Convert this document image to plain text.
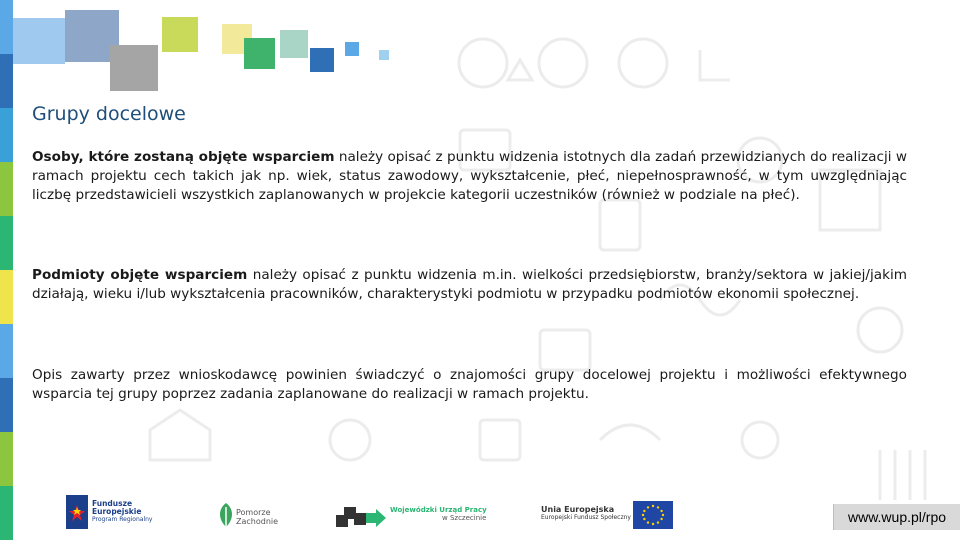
Grupy docelowe

Osoby, które zostaną objęte wsparciem należy opisać z punktu widzenia istotnych dla zadań przewidzianych do realizacji w ramach projektu cech takich jak np. wiek, status zawodowy, wykształcenie, płeć, niepełnosprawność, w tym uwzględniając liczbę przedstawicieli wszystkich zaplanowanych w projekcie kategorii uczestników (również w podziale na płeć).

Podmioty objęte wsparciem należy opisać z punktu widzenia m.in. wielkości przedsiębiorstw, branży/sektora w jakiej/jakim działają, wieku i/lub wykształcenia pracowników, charakterystyki podmiotu w przypadku podmiotów ekonomii społecznej.

Opis zawarty przez wnioskodawcę powinien świadczyć o znajomości grupy docelowej projektu i możliwości efektywnego wsparcia tej grupy poprzez zadania zaplanowane do realizacji w ramach projektu.

Fundusze
Europejskie
Program Regionalny
Pomorze
Zachodnie
Wojewódzki Urząd Pracy
w Szczecinie
Unia Europejska
Europejski Fundusz Społeczny	www.wup.pl/rpo
